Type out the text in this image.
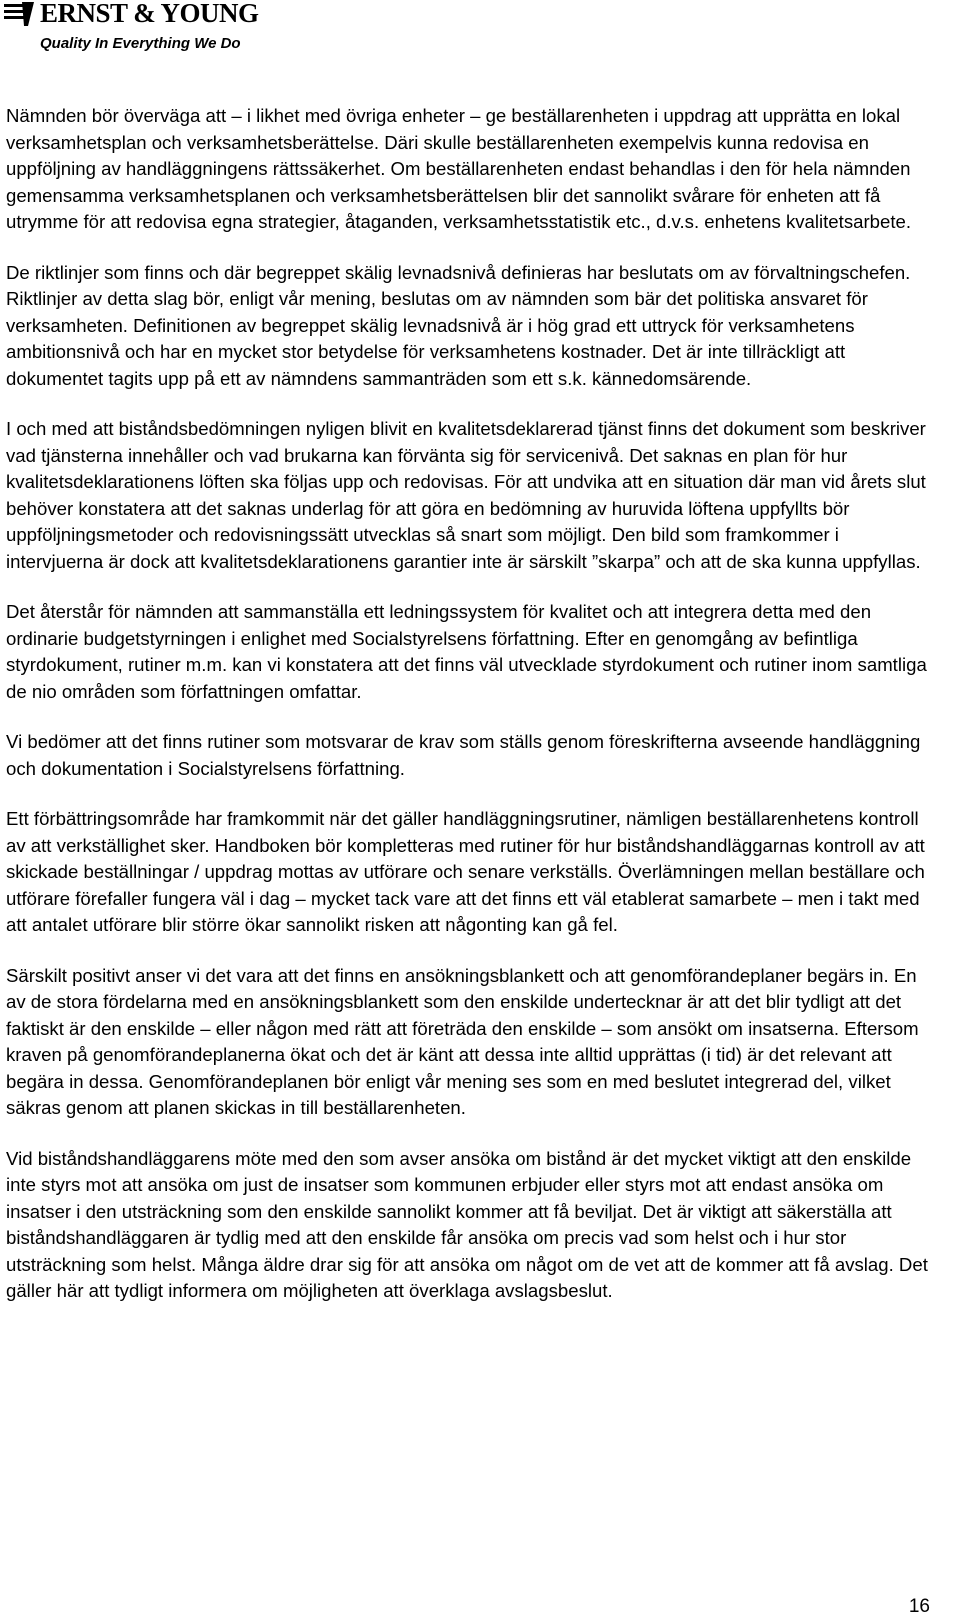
ERNST & YOUNG
Quality In Everything We Do

Nämnden bör överväga att – i likhet med övriga enheter – ge beställarenheten i uppdrag att upprätta en lokal verksamhetsplan och verksamhetsberättelse. Däri skulle beställarenheten exempelvis kunna redovisa en uppföljning av handläggningens rättssäkerhet. Om beställarenheten endast behandlas i den för hela nämnden gemensamma verksamhetsplanen och verksamhetsberättelsen blir det sannolikt svårare för enheten att få utrymme för att redovisa egna strategier, åtaganden, verksamhetsstatistik etc., d.v.s. enhetens kvalitetsarbete.

De riktlinjer som finns och där begreppet skälig levnadsnivå definieras har beslutats om av förvaltningschefen. Riktlinjer av detta slag bör, enligt vår mening, beslutas om av nämnden som bär det politiska ansvaret för verksamheten. Definitionen av begreppet skälig levnadsnivå är i hög grad ett uttryck för verksamhetens ambitionsnivå och har en mycket stor betydelse för verksamhetens kostnader. Det är inte tillräckligt att dokumentet tagits upp på ett av nämndens sammanträden som ett s.k. kännedomsärende.

I och med att biståndsbedömningen nyligen blivit en kvalitetsdeklarerad tjänst finns det dokument som beskriver vad tjänsterna innehåller och vad brukarna kan förvänta sig för servicenivå. Det saknas en plan för hur kvalitetsdeklarationens löften ska följas upp och redovisas. För att undvika att en situation där man vid årets slut behöver konstatera att det saknas underlag för att göra en bedömning av huruvida löftena uppfyllts bör uppföljningsmetoder och redovisningssätt utvecklas så snart som möjligt. Den bild som framkommer i intervjuerna är dock att kvalitetsdeklarationens garantier inte är särskilt ”skarpa” och att de ska kunna uppfyllas.

Det återstår för nämnden att sammanställa ett ledningssystem för kvalitet och att integrera detta med den ordinarie budgetstyrningen i enlighet med Socialstyrelsens författning. Efter en genomgång av befintliga styrdokument, rutiner m.m. kan vi konstatera att det finns väl utvecklade styrdokument och rutiner inom samtliga de nio områden som författningen omfattar.

Vi bedömer att det finns rutiner som motsvarar de krav som ställs genom föreskrifterna avseende handläggning och dokumentation i Socialstyrelsens författning.

Ett förbättringsområde har framkommit när det gäller handläggningsrutiner, nämligen beställarenhetens kontroll av att verkställighet sker. Handboken bör kompletteras med rutiner för hur biståndshandläggarnas kontroll av att skickade beställningar / uppdrag mottas av utförare och senare verkställs. Överlämningen mellan beställare och utförare förefaller fungera väl i dag – mycket tack vare att det finns ett väl etablerat samarbete – men i takt med att antalet utförare blir större ökar sannolikt risken att någonting kan gå fel.

Särskilt positivt anser vi det vara att det finns en ansökningsblankett och att genomförandeplaner begärs in. En av de stora fördelarna med en ansökningsblankett som den enskilde undertecknar är att det blir tydligt att det faktiskt är den enskilde – eller någon med rätt att företräda den enskilde – som ansökt om insatserna. Eftersom kraven på genomförandeplanerna ökat och det är känt att dessa inte alltid upprättas (i tid) är det relevant att begära in dessa. Genomförandeplanen bör enligt vår mening ses som en med beslutet integrerad del, vilket säkras genom att planen skickas in till beställarenheten.

Vid biståndshandläggarens möte med den som avser ansöka om bistånd är det mycket viktigt att den enskilde inte styrs mot att ansöka om just de insatser som kommunen erbjuder eller styrs mot att endast ansöka om insatser i den utsträckning som den enskilde sannolikt kommer att få beviljat. Det är viktigt att säkerställa att biståndshandläggaren är tydlig med att den enskilde får ansöka om precis vad som helst och i hur stor utsträckning som helst. Många äldre drar sig för att ansöka om något om de vet att de kommer att få avslag. Det gäller här att tydligt informera om möjligheten att överklaga avslagsbeslut.

16
